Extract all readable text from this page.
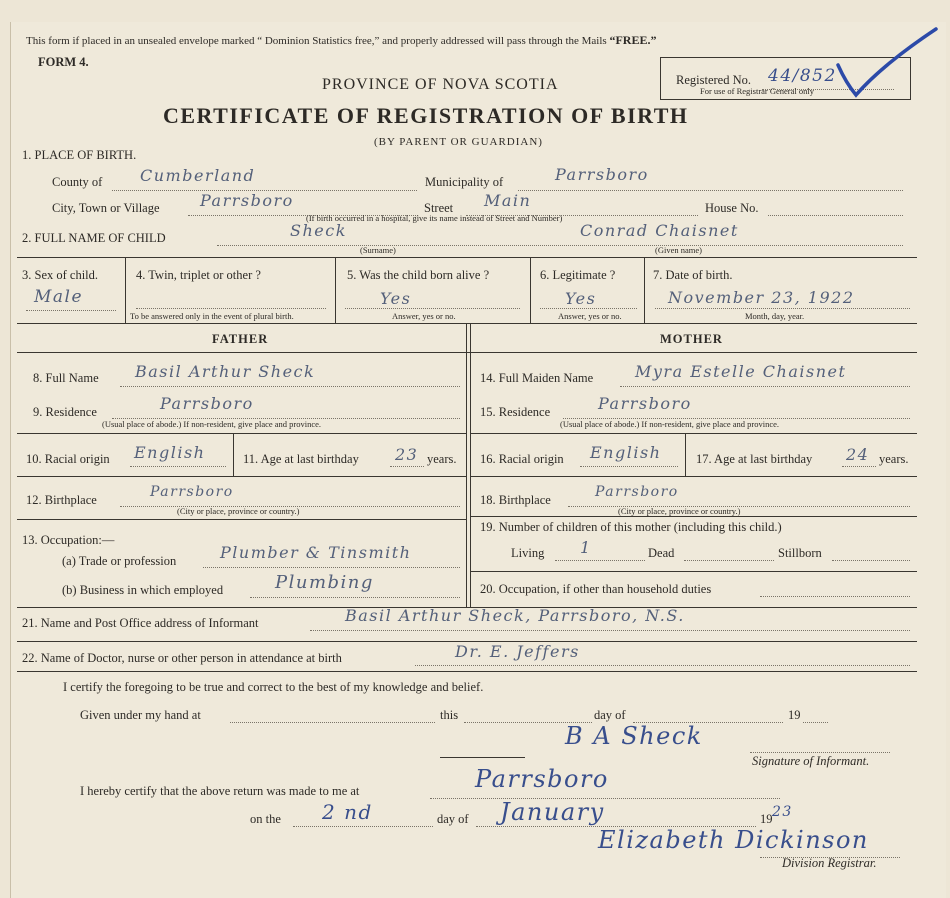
This form if placed in an unsealed envelope marked “ Dominion Statistics free,” and properly addressed will pass through the Mails “FREE.”
FORM 4.
PROVINCE OF NOVA SCOTIA
CERTIFICATE OF REGISTRATION OF BIRTH
(BY PARENT OR GUARDIAN)
Registered No. 44/852
For use of Registrar General only
1. PLACE OF BIRTH.
County of Cumberland	Municipality of	Parrsboro
City, Town or Village	Parrsboro	Street Main	House No.
(If birth occurred in a hospital, give its name instead of Street and Number)
2. FULL NAME OF CHILD	Sheck	Conrad Chaisnet
(Surname)	(Given name)
3. Sex of child.
Male
4. Twin, triplet or other ?
To be answered only in the event of plural birth.
5. Was the child born alive ?
Yes
Answer, yes or no.
6. Legitimate ?
Yes
Answer, yes or no.
7. Date of birth.
November 23, 1922
Month, day, year.
FATHER	MOTHER
8. Full Name Basil Arthur Sheck
9. Residence	Parrsboro
(Usual place of abode.) If non-resident, give place and province.
10. Racial origin English	11. Age at last birthday 23 years.
12. Birthplace	Parrsboro
(City or place, province or country.)
13. Occupation:—
(a) Trade or profession	Plumber & Tinsmith
(b) Business in which employed	Plumbing
14. Full Maiden Name	Myra Estelle Chaisnet
15. Residence	Parrsboro
(Usual place of abode.) If non-resident, give place and province.
16. Racial origin English	17. Age at last birthday 24 years.
18. Birthplace	Parrsboro
(City or place, province or country.)
19. Number of children of this mother (including this child.)
Living 1	Dead	Stillborn
20. Occupation, if other than household duties
21. Name and Post Office address of Informant	Basil Arthur Sheck, Parrsboro, N.S.
22. Name of Doctor, nurse or other person in attendance at birth	Dr. E. Jeffers
I certify the foregoing to be true and correct to the best of my knowledge and belief.
Given under my hand at	this	day of	19
B A Sheck
Signature of Informant.
I hereby certify that the above return was made to me at	Parrsboro
on the 2 nd	day of January	19 23
Elizabeth Dickinson
Division Registrar.
